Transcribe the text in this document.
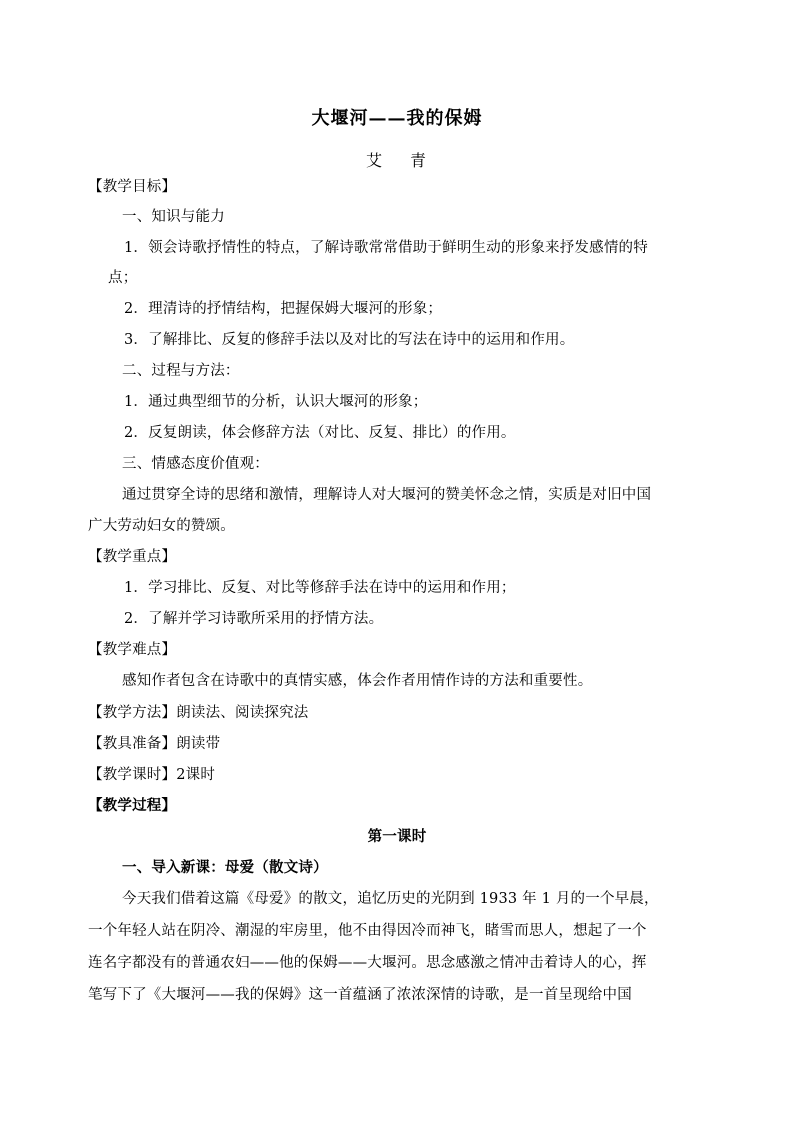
大堰河——我的保姆
艾 青
【教学目标】
一、知识与能力
1．领会诗歌抒情性的特点，了解诗歌常常借助于鲜明生动的形象来抒发感情的特
点；
2．理清诗的抒情结构，把握保姆大堰河的形象；
3．了解排比、反复的修辞手法以及对比的写法在诗中的运用和作用。
二、过程与方法：
1．通过典型细节的分析，认识大堰河的形象；
2．反复朗读，体会修辞方法（对比、反复、排比）的作用。
三、情感态度价值观：
通过贯穿全诗的思绪和激情，理解诗人对大堰河的赞美怀念之情，实质是对旧中国
广大劳动妇女的赞颂。
【教学重点】
1．学习排比、反复、对比等修辞手法在诗中的运用和作用；
2．了解并学习诗歌所采用的抒情方法。
【教学难点】
感知作者包含在诗歌中的真情实感，体会作者用情作诗的方法和重要性。
【教学方法】朗读法、阅读探究法
【教具准备】朗读带
【教学课时】2课时
【教学过程】
第一课时
一、导入新课：母爱（散文诗）
今天我们借着这篇《母爱》的散文，追忆历史的光阴到 1933 年 1 月的一个早晨，
一个年轻人站在阴冷、潮湿的牢房里，他不由得因冷而神飞，睹雪而思人，想起了一个
连名字都没有的普通农妇——他的保姆——大堰河。思念感激之情冲击着诗人的心，挥
笔写下了《大堰河——我的保姆》这一首蕴涵了浓浓深情的诗歌，是一首呈现给中国
